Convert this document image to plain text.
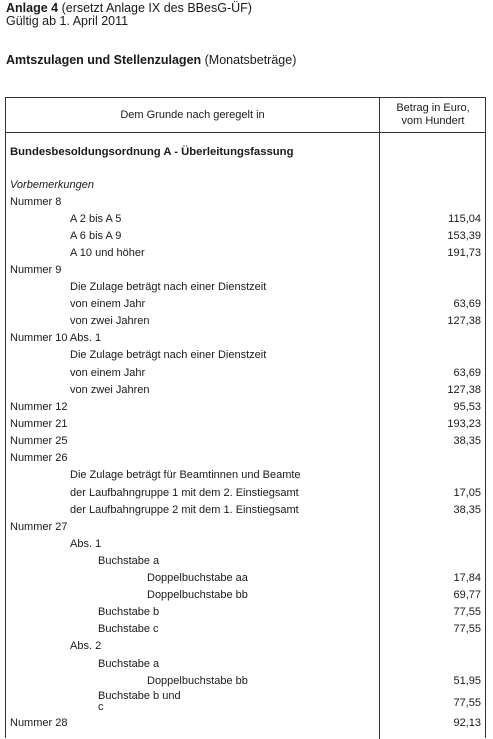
Anlage 4 (ersetzt Anlage IX des BBesG-ÜF)
Gültig ab 1. April 2011
Amtszulagen und Stellenzulagen (Monatsbeträge)
Dem Grunde nach geregelt in
Betrag in Euro,
vom Hundert
Bundesbesoldungsordnung A - Überleitungsfassung
Vorbemerkungen
Nummer 8
A 2 bis A 5	115,04
A 6 bis A 9	153,39
A 10 und höher	191,73
Nummer 9
Die Zulage beträgt nach einer Dienstzeit
von einem Jahr	63,69
von zwei Jahren	127,38
Nummer 10 Abs. 1
Die Zulage beträgt nach einer Dienstzeit
von einem Jahr	63,69
von zwei Jahren	127,38
Nummer 12	95,53
Nummer 21	193,23
Nummer 25	38,35
Nummer 26
Die Zulage beträgt für Beamtinnen und Beamte
der Laufbahngruppe 1 mit dem 2. Einstiegsamt	17,05
der Laufbahngruppe 2 mit dem 1. Einstiegsamt	38,35
Nummer 27
Abs. 1
Buchstabe a
Doppelbuchstabe aa	17,84
Doppelbuchstabe bb	69,77
Buchstabe b	77,55
Buchstabe c	77,55
Abs. 2
Buchstabe a
Doppelbuchstabe bb	51,95
Buchstabe b und
c	77,55
Nummer 28	92,13
